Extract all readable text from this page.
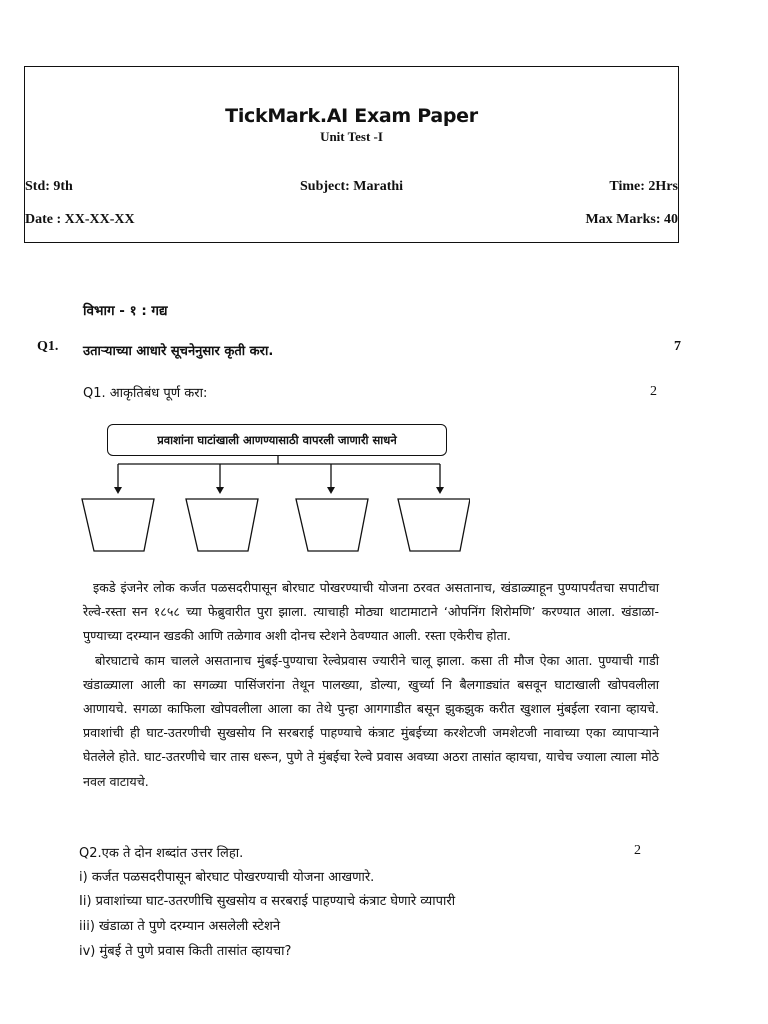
TickMark.AI Exam Paper
Unit Test -I
Std: 9th	Subject: Marathi	Time: 2Hrs
Date : XX-XX-XX	Max Marks: 40
विभाग - १ : गद्य
Q1. उताऱ्याच्या आधारे सूचनेनुसार कृती करा.	7
Q1. आकृतिबंध पूर्ण करा:	2
प्रवाशांना घाटांखाली आणण्यासाठी वापरली जाणारी साधने

इकडे इंजनेर लोक कर्जत पळसदरीपासून बोरघाट पोखरण्याची योजना ठरवत असतानाच, खंडाळ्याहून पुण्यापर्यंतचा सपाटीचा रेल्वे-रस्ता सन १८५८ च्या फेब्रुवारीत पुरा झाला. त्याचाही मोठ्या थाटामाटाने ‘ओपनिंग शिरोमणि’ करण्यात आला. खंडाळा-पुण्याच्या दरम्यान खडकी आणि तळेगाव अशी दोनच स्टेशने ठेवण्यात आली. रस्ता एकेरीच होता.

बोरघाटाचे काम चालले असतानाच मुंबई-पुण्याचा रेल्वेप्रवास ज्यारीने चालू झाला. कसा ती मौज ऐका आता. पुण्याची गाडी खंडाळ्याला आली का सगळ्या पासिंजरांना तेथून पालख्या, डोल्या, खुर्च्या नि बैलगाड्यांत बसवून घाटाखाली खोपवलीला आणायचे. सगळा काफिला खोपवलीला आला का तेथे पुन्हा आगगाडीत बसून झुकझुक करीत खुशाल मुंबईला रवाना व्हायचे. प्रवाशांची ही घाट-उतरणीची सुखसोय नि सरबराई पाहण्याचे कंत्राट मुंबईच्या करशेटजी जमशेटजी नावाच्या एका व्यापाऱ्याने घेतलेले होते. घाट-उतरणीचे चार तास धरून, पुणे ते मुंबईचा रेल्वे प्रवास अवघ्या अठरा तासांत व्हायचा, याचेच ज्याला त्याला मोठे नवल वाटायचे.

Q2.एक ते दोन शब्दांत उत्तर लिहा.	2
i) कर्जत पळसदरीपासून बोरघाट पोखरण्याची योजना आखणारे.
Ii) प्रवाशांच्या घाट-उतरणीचि सुखसोय व सरबराई पाहण्याचे कंत्राट घेणारे व्यापारी
iii) खंडाळा ते पुणे दरम्यान असलेली स्टेशने
iv) मुंबई ते पुणे प्रवास किती तासांत व्हायचा?
